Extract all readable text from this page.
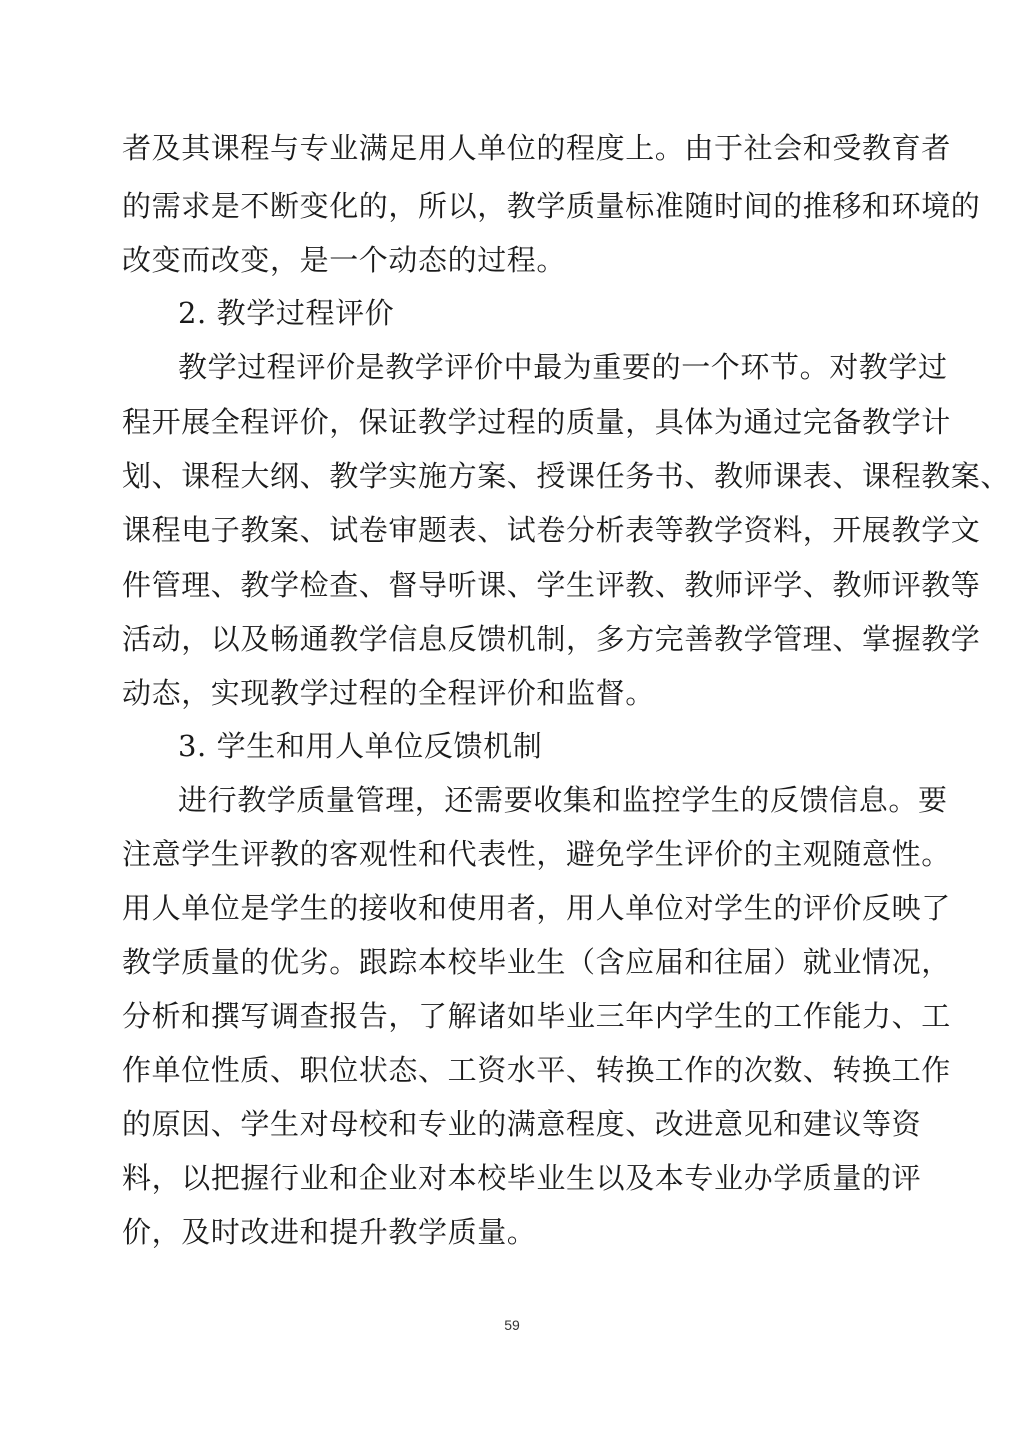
者及其课程与专业满足用人单位的程度上。由于社会和受教育者
的需求是不断变化的，所以，教学质量标准随时间的推移和环境的
改变而改变，是一个动态的过程。
2. 教学过程评价
教学过程评价是教学评价中最为重要的一个环节。对教学过
程开展全程评价，保证教学过程的质量，具体为通过完备教学计
划、课程大纲、教学实施方案、授课任务书、教师课表、课程教案、
课程电子教案、试卷审题表、试卷分析表等教学资料，开展教学文
件管理、教学检查、督导听课、学生评教、教师评学、教师评教等
活动，以及畅通教学信息反馈机制，多方完善教学管理、掌握教学
动态，实现教学过程的全程评价和监督。
3. 学生和用人单位反馈机制
进行教学质量管理，还需要收集和监控学生的反馈信息。要
注意学生评教的客观性和代表性，避免学生评价的主观随意性。
用人单位是学生的接收和使用者，用人单位对学生的评价反映了
教学质量的优劣。跟踪本校毕业生（含应届和往届）就业情况，
分析和撰写调查报告，了解诸如毕业三年内学生的工作能力、工
作单位性质、职位状态、工资水平、转换工作的次数、转换工作
的原因、学生对母校和专业的满意程度、改进意见和建议等资
料，以把握行业和企业对本校毕业生以及本专业办学质量的评
价，及时改进和提升教学质量。
59
